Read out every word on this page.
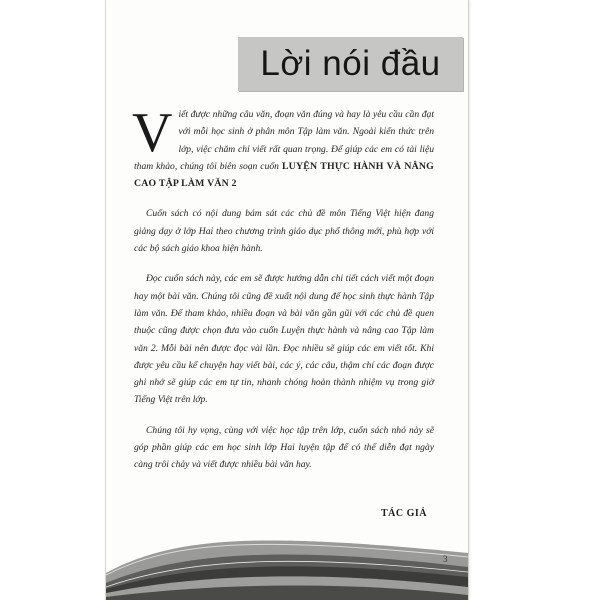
Lời nói đầu

Viết được những câu văn, đoạn văn đúng và hay là yêu cầu cần đạt với mỗi học sinh ở phân môn Tập làm văn. Ngoài kiến thức trên lớp, việc chăm chỉ viết rất quan trọng. Để giúp các em có tài liệu tham khảo, chúng tôi biên soạn cuốn LUYỆN THỰC HÀNH VÀ NÂNG CAO TẬP LÀM VĂN 2

Cuốn sách có nội dung bám sát các chủ đề môn Tiếng Việt hiện đang giảng dạy ở lớp Hai theo chương trình giáo dục phổ thông mới, phù hợp với các bộ sách giáo khoa hiện hành.

Đọc cuốn sách này, các em sẽ được hướng dẫn chi tiết cách viết một đoạn hay một bài văn. Chúng tôi cũng đề xuất nội dung để học sinh thực hành Tập làm văn. Để tham khảo, nhiều đoạn và bài văn gần gũi với các chủ đề quen thuộc cũng được chọn đưa vào cuốn Luyện thực hành và nâng cao Tập làm văn 2. Mỗi bài nên được đọc vài lần. Đọc nhiều sẽ giúp các em viết tốt. Khi được yêu cầu kể chuyện hay viết bài, các ý, các câu, thậm chí các đoạn được ghi nhớ sẽ giúp các em tự tin, nhanh chóng hoàn thành nhiệm vụ trong giờ Tiếng Việt trên lớp.

Chúng tôi hy vọng, cùng với việc học tập trên lớp, cuốn sách nhỏ này sẽ góp phần giúp các em học sinh lớp Hai luyện tập để có thể diễn đạt ngày càng trôi chảy và viết được nhiều bài văn hay.

TÁC GIẢ
3
